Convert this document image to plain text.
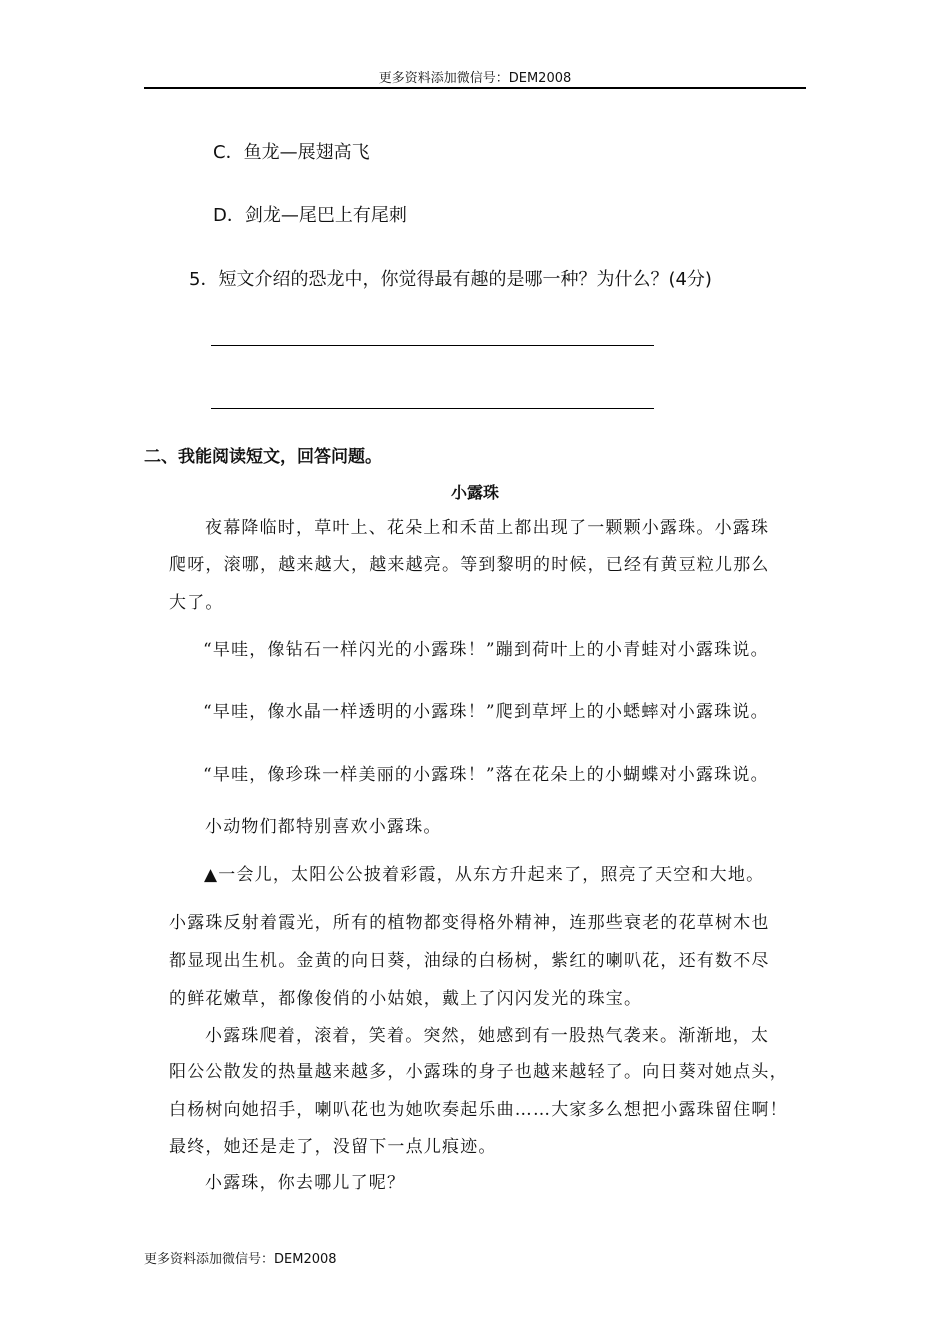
更多资料添加微信号：DEM2008
C．鱼龙—展翅高飞
D．剑龙—尾巴上有尾刺
5．短文介绍的恐龙中，你觉得最有趣的是哪一种？为什么？(4分)
二、我能阅读短文，回答问题。
小露珠
夜幕降临时，草叶上、花朵上和禾苗上都出现了一颗颗小露珠。小露珠
爬呀，滚哪，越来越大，越来越亮。等到黎明的时候，已经有黄豆粒儿那么
大了。
“早哇，像钻石一样闪光的小露珠！”蹦到荷叶上的小青蛙对小露珠说。
“早哇，像水晶一样透明的小露珠！”爬到草坪上的小蟋蟀对小露珠说。
“早哇，像珍珠一样美丽的小露珠！”落在花朵上的小蝴蝶对小露珠说。
小动物们都特别喜欢小露珠。
▲一会儿，太阳公公披着彩霞，从东方升起来了，照亮了天空和大地。
小露珠反射着霞光，所有的植物都变得格外精神，连那些衰老的花草树木也
都显现出生机。金黄的向日葵，油绿的白杨树，紫红的喇叭花，还有数不尽
的鲜花嫩草，都像俊俏的小姑娘，戴上了闪闪发光的珠宝。
小露珠爬着，滚着，笑着。突然，她感到有一股热气袭来。渐渐地，太
阳公公散发的热量越来越多，小露珠的身子也越来越轻了。向日葵对她点头，
白杨树向她招手，喇叭花也为她吹奏起乐曲……大家多么想把小露珠留住啊！
最终，她还是走了，没留下一点儿痕迹。
小露珠，你去哪儿了呢？
更多资料添加微信号：DEM2008
